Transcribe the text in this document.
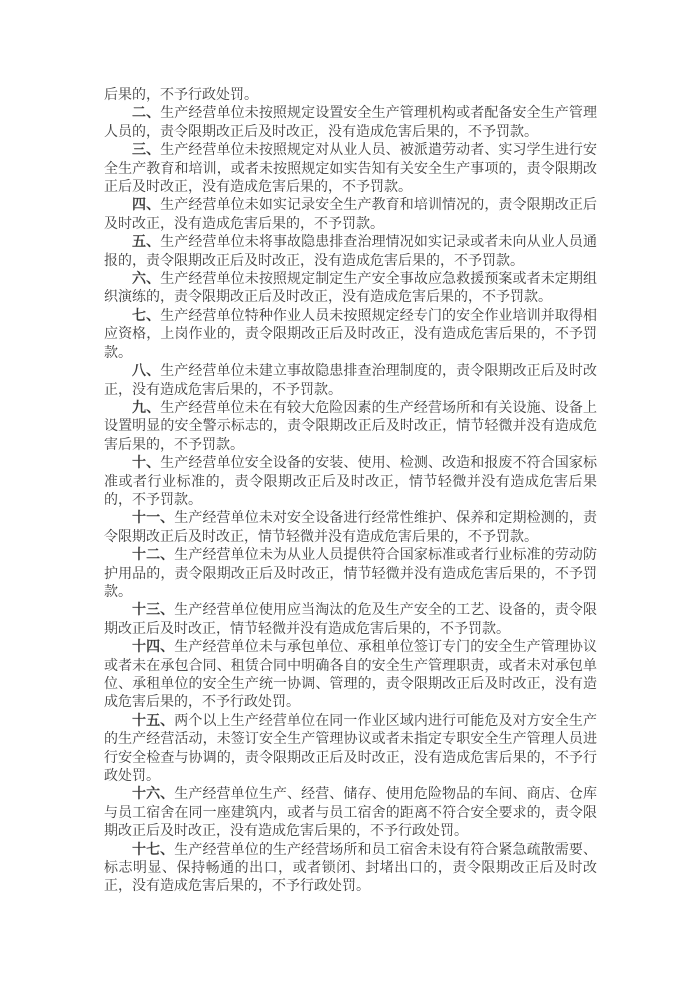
后果的，不予行政处罚。

二、生产经营单位未按照规定设置安全生产管理机构或者配备安全生产管理人员的，责令限期改正后及时改正，没有造成危害后果的，不予罚款。

三、生产经营单位未按照规定对从业人员、被派遣劳动者、实习学生进行安全生产教育和培训，或者未按照规定如实告知有关安全生产事项的，责令限期改正后及时改正，没有造成危害后果的，不予罚款。

四、生产经营单位未如实记录安全生产教育和培训情况的，责令限期改正后及时改正，没有造成危害后果的，不予罚款。

五、生产经营单位未将事故隐患排查治理情况如实记录或者未向从业人员通报的，责令限期改正后及时改正，没有造成危害后果的，不予罚款。

六、生产经营单位未按照规定制定生产安全事故应急救援预案或者未定期组织演练的，责令限期改正后及时改正，没有造成危害后果的，不予罚款。

七、生产经营单位特种作业人员未按照规定经专门的安全作业培训并取得相应资格，上岗作业的，责令限期改正后及时改正，没有造成危害后果的，不予罚款。

八、生产经营单位未建立事故隐患排查治理制度的，责令限期改正后及时改正，没有造成危害后果的，不予罚款。

九、生产经营单位未在有较大危险因素的生产经营场所和有关设施、设备上设置明显的安全警示标志的，责令限期改正后及时改正，情节轻微并没有造成危害后果的，不予罚款。

十、生产经营单位安全设备的安装、使用、检测、改造和报废不符合国家标准或者行业标准的，责令限期改正后及时改正，情节轻微并没有造成危害后果的，不予罚款。

十一、生产经营单位未对安全设备进行经常性维护、保养和定期检测的，责令限期改正后及时改正，情节轻微并没有造成危害后果的，不予罚款。

十二、生产经营单位未为从业人员提供符合国家标准或者行业标准的劳动防护用品的，责令限期改正后及时改正，情节轻微并没有造成危害后果的，不予罚款。

十三、生产经营单位使用应当淘汰的危及生产安全的工艺、设备的，责令限期改正后及时改正，情节轻微并没有造成危害后果的，不予罚款。

十四、生产经营单位未与承包单位、承租单位签订专门的安全生产管理协议或者未在承包合同、租赁合同中明确各自的安全生产管理职责，或者未对承包单位、承租单位的安全生产统一协调、管理的，责令限期改正后及时改正，没有造成危害后果的，不予行政处罚。

十五、两个以上生产经营单位在同一作业区域内进行可能危及对方安全生产的生产经营活动，未签订安全生产管理协议或者未指定专职安全生产管理人员进行安全检查与协调的，责令限期改正后及时改正，没有造成危害后果的，不予行政处罚。

十六、生产经营单位生产、经营、储存、使用危险物品的车间、商店、仓库与员工宿舍在同一座建筑内，或者与员工宿舍的距离不符合安全要求的，责令限期改正后及时改正，没有造成危害后果的，不予行政处罚。

十七、生产经营单位的生产经营场所和员工宿舍未设有符合紧急疏散需要、标志明显、保持畅通的出口，或者锁闭、封堵出口的，责令限期改正后及时改正，没有造成危害后果的，不予行政处罚。
